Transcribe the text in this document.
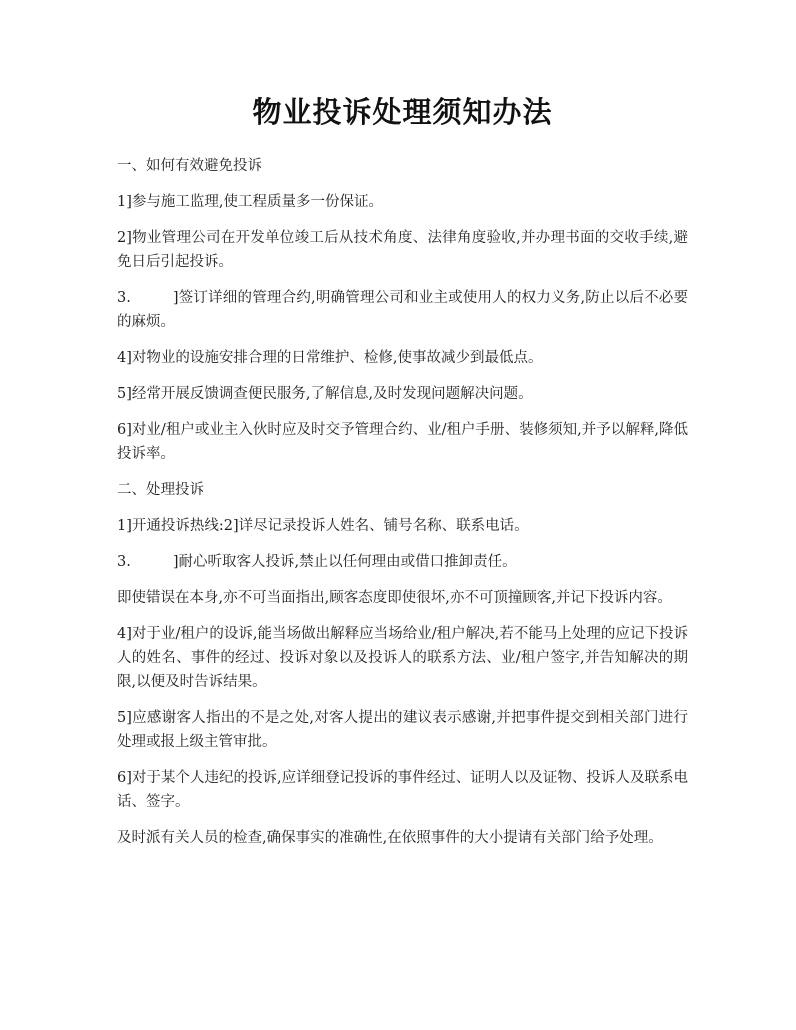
物业投诉处理须知办法

一、如何有效避免投诉

1]参与施工监理,使工程质量多一份保证。

2]物业管理公司在开发单位竣工后从技术角度、法律角度验收,并办理书面的交收手续,避免日后引起投诉。

3.	]签订详细的管理合约,明确管理公司和业主或使用人的权力义务,防止以后不必要的麻烦。

4]对物业的设施安排合理的日常维护、检修,使事故减少到最低点。

5]经常开展反馈调查便民服务,了解信息,及时发现问题解决问题。

6]对业/租户或业主入伙时应及时交予管理合约、业/租户手册、装修须知,并予以解释,降低投诉率。

二、处理投诉

1]开通投诉热线:2]详尽记录投诉人姓名、铺号名称、联系电话。

3.	]耐心听取客人投诉,禁止以任何理由或借口推卸责任。

即使错误在本身,亦不可当面指出,顾客态度即使很坏,亦不可顶撞顾客,并记下投诉内容。

4]对于业/租户的设诉,能当场做出解释应当场给业/租户解决,若不能马上处理的应记下投诉人的姓名、事件的经过、投诉对象以及投诉人的联系方法、业/租户签字,并告知解决的期限,以便及时告诉结果。

5]应感谢客人指出的不是之处,对客人提出的建议表示感谢,并把事件提交到相关部门进行处理或报上级主管审批。

6]对于某个人违纪的投诉,应详细登记投诉的事件经过、证明人以及证物、投诉人及联系电话、签字。

及时派有关人员的检查,确保事实的准确性,在依照事件的大小提请有关部门给予处理。
